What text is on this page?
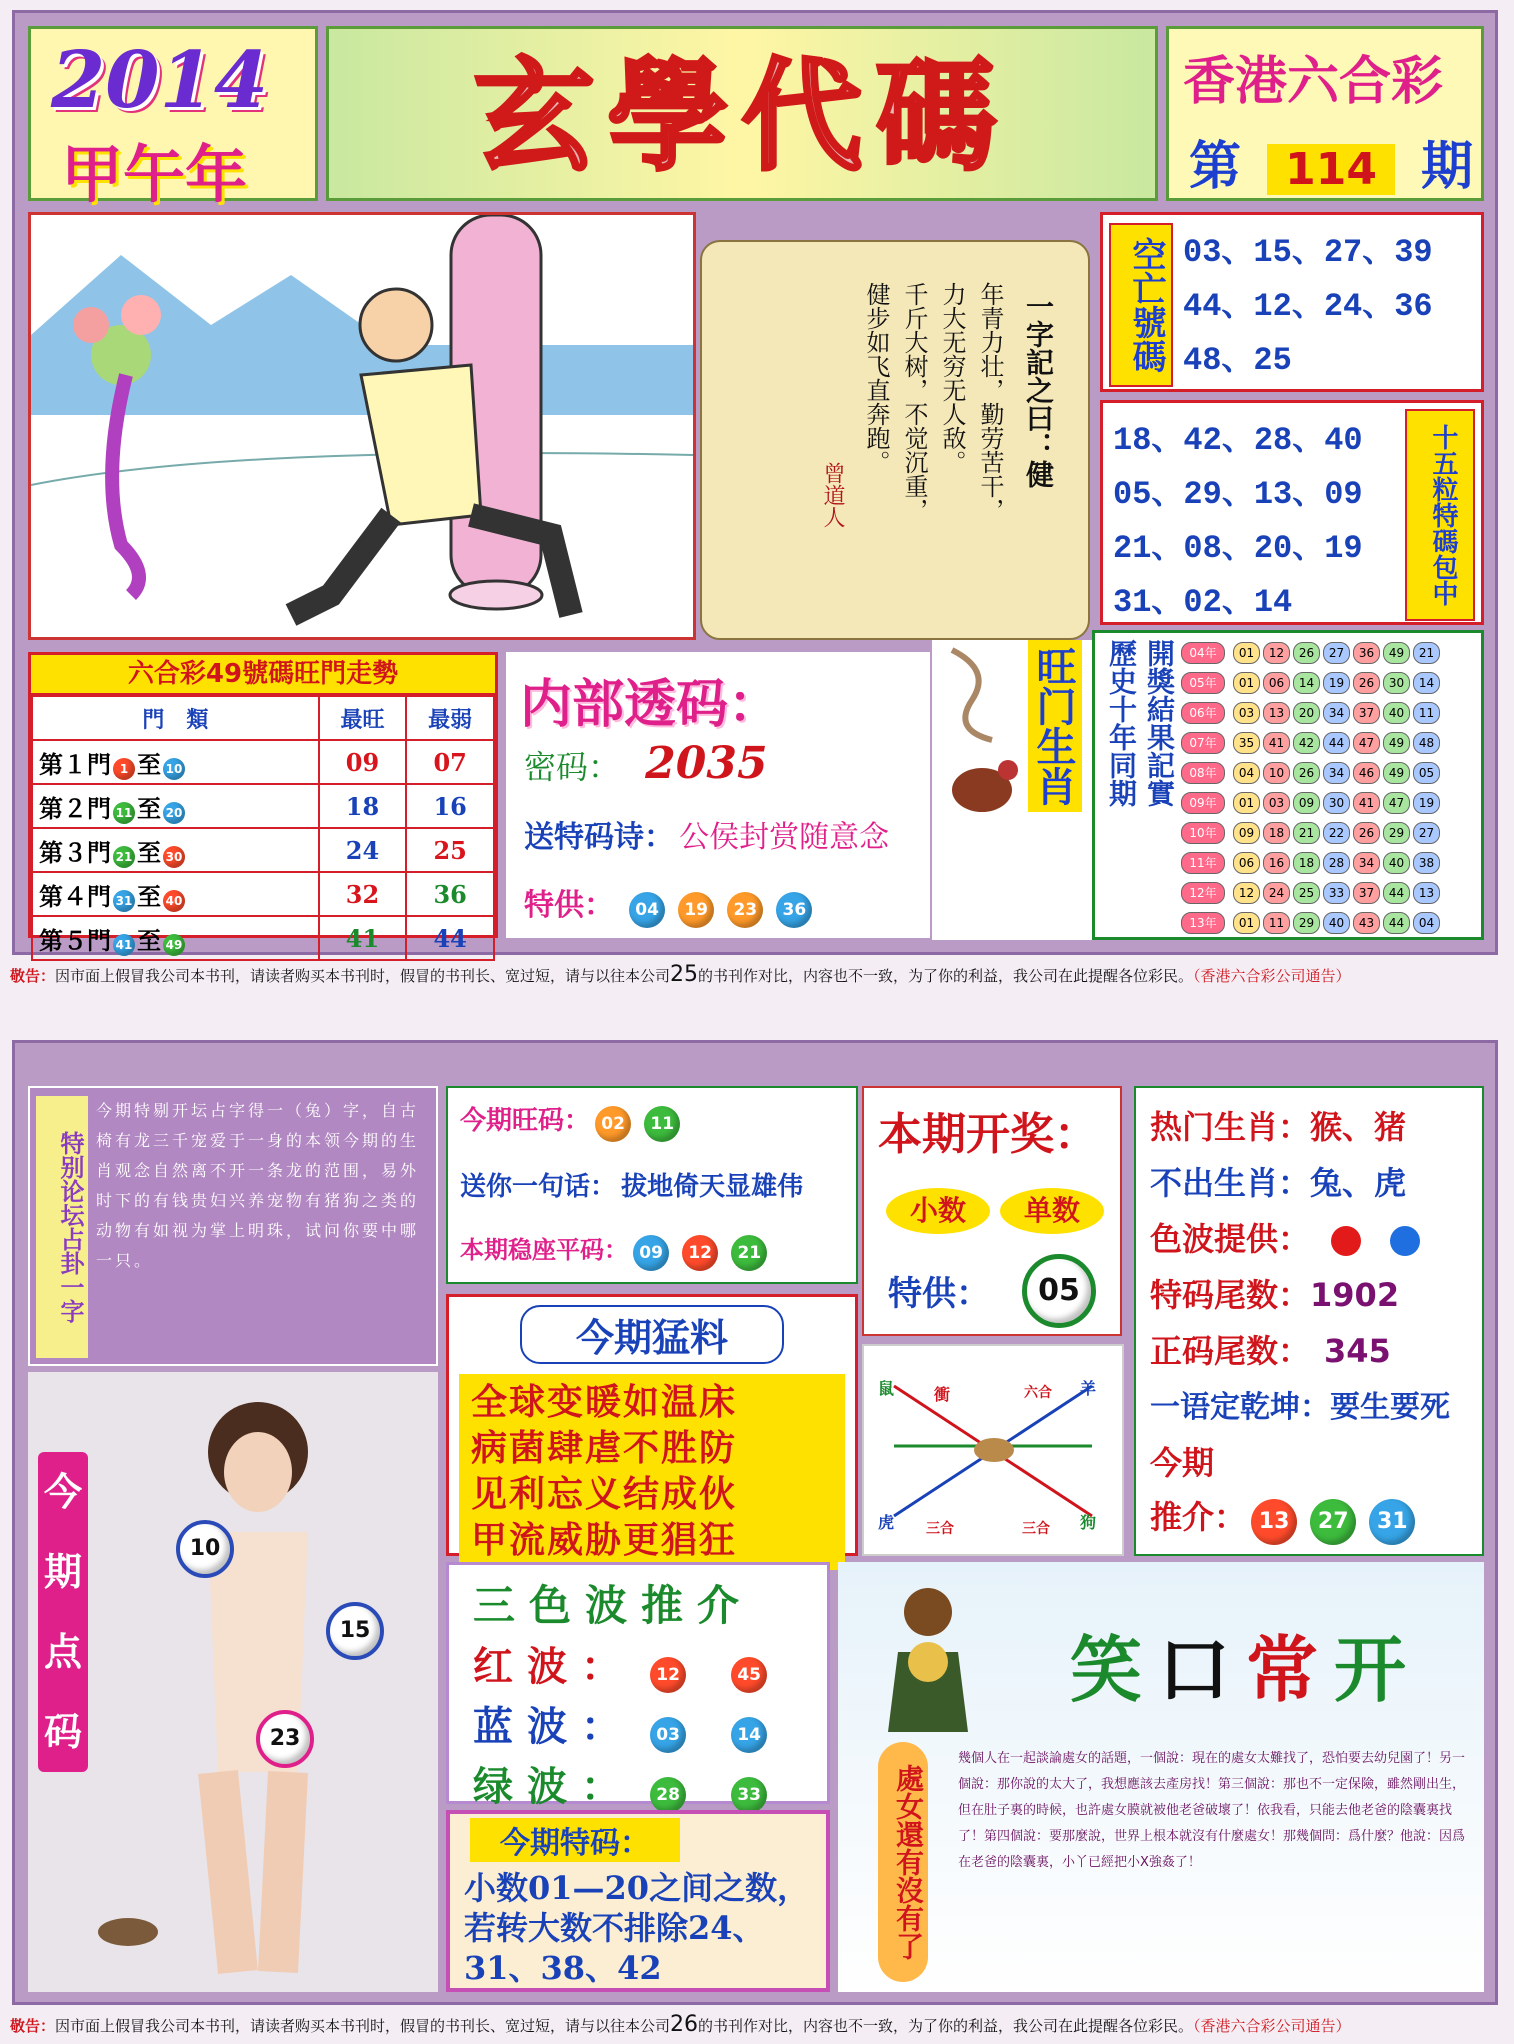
2014
甲午年	玄學代碼	香港六合彩
第 114 期
一字記之曰：健
年青力壮，勤劳苦干，
力大无穷无人敌。
千斤大树，不觉沉重，
健步如飞直奔跑。
曾道人
空亡號碼 03、15、27、39
44、12、24、36
48、25
18、42、28、40
05、29、13、09
21、08、20、19
31、02、14	十五粒特碼包中
六合彩49號碼旺門走勢
門　類	最旺	最弱
第１門 1 至 10	09	07
第２門 11 至 20	18	16
第３門 21 至 30	24	25
第４門 31 至 40	32	36
第５門 41 至 49	41	44
内部透码：
密码： 2035
送特码诗： 公侯封赏随意念
特供： 04 19 23 36
旺门生肖 歷史十年同期 開獎結果記實	04年 01 12 26 27 36 49 21
05年 01 06 14 19 26 30 14
06年 03 13 20 34 37 40 11
07年 35 41 42 44 47 49 48
08年 04 10 26 34 46 49 05
09年 01 03 09 30 41 47 19
10年 09 18 21 22 26 29 27
11年 06 16 18 28 34 40 38
12年 12 24 25 33 37 44 13
13年 01 11 29 40 43 44 04
敬告：因市面上假冒我公司本书刊，请读者购买本书刊时，假冒的书刊长、宽过短，请与以往本公司25的书刊作对比，内容也不一致，为了你的利益，我公司在此提醒各位彩民。（香港六合彩公司通告）
特别论坛占卦一字
今期特剔开坛占字得一（兔）字，自古椅有龙三千宠爱于一身的本领今期的生肖观念自然离不开一条龙的范围，易外时下的有钱贵妇兴养宠物有猪狗之类的动物有如视为掌上明珠，试问你要中哪一只。
今
期
点
码
10
15
23
今期旺码： 02 11
送你一句话： 拔地倚天显雄伟
本期稳座平码： 09 12 21
本期开奖：
小数	单数
特供：	05
热门生肖：猴、猪
不出生肖：兔、虎
色波提供：
特码尾数：1902
正码尾数： 345
一语定乾坤：要生要死
今期
推介： 13 27 31
今期猛料
全球变暖如温床
病菌肆虐不胜防
见利忘义结成伙
甲流威胁更猖狂
鼠 衝	六合 羊
虎 三合	三合 狗
三色波推介
红波： 12	45
蓝波： 03	14
绿波： 28	33
今期特码：
小数01—20之间之数，若转大数不排除24、31、38、42
笑口常开
處女還有沒有了
幾個人在一起談論處女的話題，一個說：現在的處女太難找了，恐怕要去幼兒園了！另一個說：那你說的太大了，我想應該去產房找！第三個說：那也不一定保險，雖然剛出生，但在肚子裏的時候，也許處女膜就被他老爸破壞了！依我看，只能去他老爸的陰囊裏找了！第四個說：要那麼說，世界上根本就沒有什麼處女！那幾個問：爲什麼？他說：因爲在老爸的陰囊裏，小丫已經把小X強姦了！
敬告：因市面上假冒我公司本书刊，请读者购买本书刊时，假冒的书刊长、宽过短，请与以往本公司26的书刊作对比，内容也不一致，为了你的利益，我公司在此提醒各位彩民。（香港六合彩公司通告）
